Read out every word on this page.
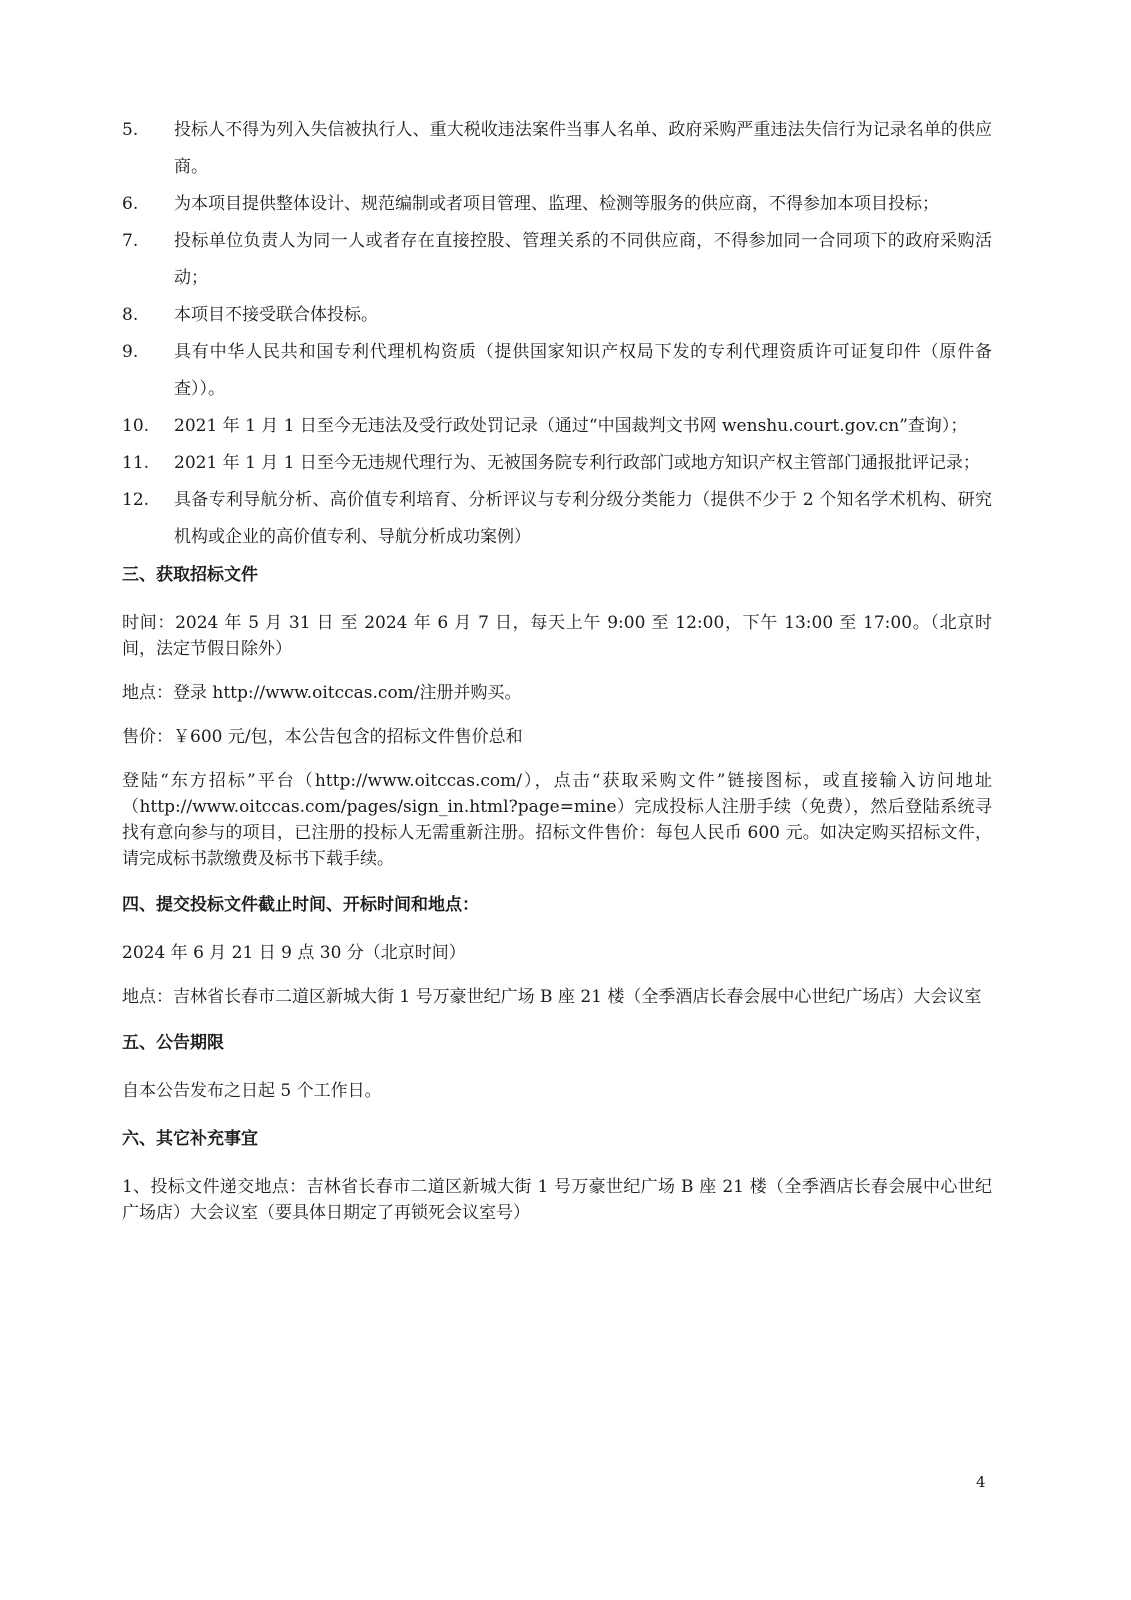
5.	投标人不得为列入失信被执行人、重大税收违法案件当事人名单、政府采购严重违法失信行为记录名单的供应商。
6.	为本项目提供整体设计、规范编制或者项目管理、监理、检测等服务的供应商，不得参加本项目投标；
7.	投标单位负责人为同一人或者存在直接控股、管理关系的不同供应商，不得参加同一合同项下的政府采购活动；
8.	本项目不接受联合体投标。
9.	具有中华人民共和国专利代理机构资质（提供国家知识产权局下发的专利代理资质许可证复印件（原件备查））。
10.	2021 年 1 月 1 日至今无违法及受行政处罚记录（通过“中国裁判文书网 wenshu.court.gov.cn”查询）；
11.	2021 年 1 月 1 日至今无违规代理行为、无被国务院专利行政部门或地方知识产权主管部门通报批评记录；
12.	具备专利导航分析、高价值专利培育、分析评议与专利分级分类能力（提供不少于 2 个知名学术机构、研究机构或企业的高价值专利、导航分析成功案例）
三、获取招标文件
时间：2024 年 5 月 31 日 至 2024 年 6 月 7 日，每天上午 9:00 至 12:00，下午 13:00 至 17:00。（北京时间，法定节假日除外）
地点：登录 http://www.oitccas.com/注册并购买。
售价：￥600 元/包，本公告包含的招标文件售价总和
登陆“东方招标”平台（http://www.oitccas.com/），点击“获取采购文件”链接图标，或直接输入访问地址（http://www.oitccas.com/pages/sign_in.html?page=mine）完成投标人注册手续（免费），然后登陆系统寻找有意向参与的项目，已注册的投标人无需重新注册。招标文件售价：每包人民币 600 元。如决定购买招标文件，请完成标书款缴费及标书下载手续。
四、提交投标文件截止时间、开标时间和地点：
2024 年 6 月 21 日 9 点 30 分（北京时间）
地点：吉林省长春市二道区新城大街 1 号万豪世纪广场 B 座 21 楼（全季酒店长春会展中心世纪广场店）大会议室
五、公告期限
自本公告发布之日起 5 个工作日。
六、其它补充事宜
1、投标文件递交地点：吉林省长春市二道区新城大街 1 号万豪世纪广场 B 座 21 楼（全季酒店长春会展中心世纪广场店）大会议室（要具体日期定了再锁死会议室号）
4
